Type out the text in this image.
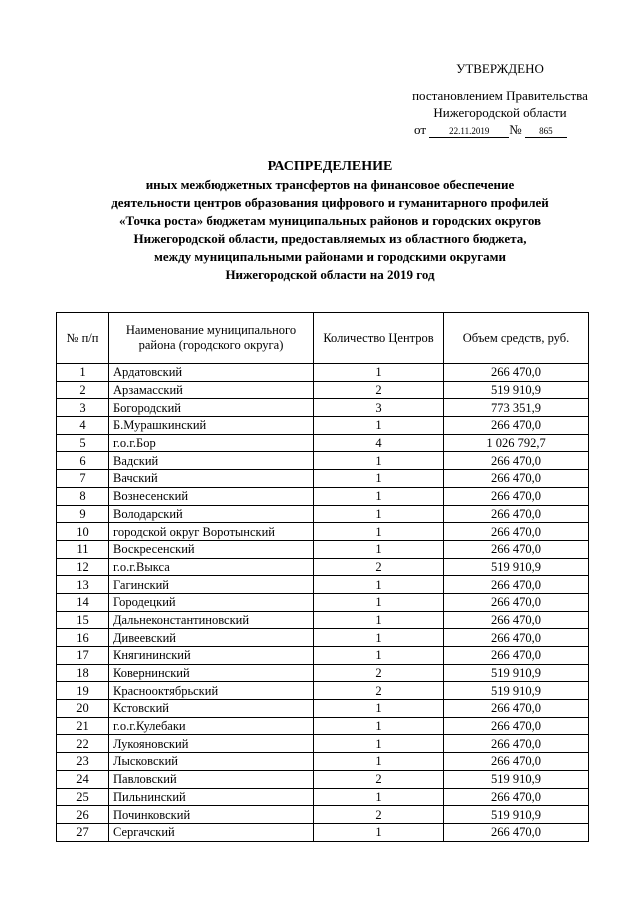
УТВЕРЖДЕНО
постановлением Правительства
Нижегородской области
от	22.11.2019 № 865
РАСПРЕДЕЛЕНИЕ
иных межбюджетных трансфертов на финансовое обеспечение
деятельности центров образования цифрового и гуманитарного профилей
«Точка роста» бюджетам муниципальных районов и городских округов
Нижегородской области, предоставляемых из областного бюджета,
между муниципальными районами и городскими округами
Нижегородской области на 2019 год
№ п/п	Наименование муниципального района (городского округа)	Количество Центров	Объем средств, руб.
1	Ардатовский	1	266 470,0
2	Арзамасский	2	519 910,9
3	Богородский	3	773 351,9
4	Б.Мурашкинский	1	266 470,0
5	г.о.г.Бор	4	1 026 792,7
6	Вадский	1	266 470,0
7	Вачский	1	266 470,0
8	Вознесенский	1	266 470,0
9	Володарский	1	266 470,0
10	городской округ Воротынский	1	266 470,0
11	Воскресенский	1	266 470,0
12	г.о.г.Выкса	2	519 910,9
13	Гагинский	1	266 470,0
14	Городецкий	1	266 470,0
15	Дальнеконстантиновский	1	266 470,0
16	Дивеевский	1	266 470,0
17	Княгининский	1	266 470,0
18	Ковернинский	2	519 910,9
19	Краснооктябрьский	2	519 910,9
20	Кстовский	1	266 470,0
21	г.о.г.Кулебаки	1	266 470,0
22	Лукояновский	1	266 470,0
23	Лысковский	1	266 470,0
24	Павловский	2	519 910,9
25	Пильнинский	1	266 470,0
26	Починковский	2	519 910,9
27	Сергачский	1	266 470,0
